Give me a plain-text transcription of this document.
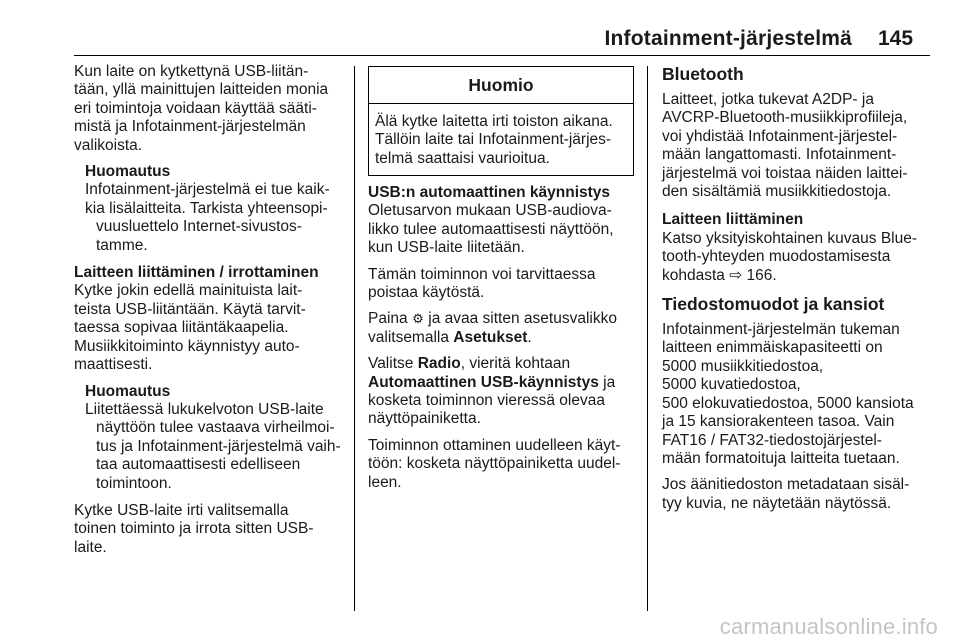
Infotainment-järjestelmä 145

Kun laite on kytkettynä USB-liitän-
tään, yllä mainittujen laitteiden monia
eri toimintoja voidaan käyttää sääti-
mistä ja Infotainment-järjestelmän
valikoista.

Huomautus
Infotainment-järjestelmä ei tue kaik-
kia lisälaitteita. Tarkista yhteensopi-
vuusluettelo Internet-sivustos-
tamme.
Laitteen liittäminen / irrottaminen

Kytke jokin edellä mainituista lait-
teista USB-liitäntään. Käytä tarvit-
taessa sopivaa liitäntäkaapelia.
Musiikkitoiminto käynnistyy auto-
maattisesti.

Huomautus
Liitettäessä lukukelvoton USB-laite
näyttöön tulee vastaava virheilmoi-
tus ja Infotainment-järjestelmä vaih-
taa automaattisesti edelliseen
toimintoon.

Kytke USB-laite irti valitsemalla
toinen toiminto ja irrota sitten USB-
laite.

Huomio
Älä kytke laitetta irti toiston aikana.
Tällöin laite tai Infotainment-järjes-
telmä saattaisi vaurioitua.
USB:n automaattinen käynnistys

Oletusarvon mukaan USB-audiova-
likko tulee automaattisesti näyttöön,
kun USB-laite liitetään.

Tämän toiminnon voi tarvittaessa
poistaa käytöstä.

Paina ⚙ ja avaa sitten asetusvalikko
valitsemalla Asetukset.

Valitse Radio, vieritä kohtaan
Automaattinen USB-käynnistys ja
kosketa toiminnon vieressä olevaa
näyttöpainiketta.

Toiminnon ottaminen uudelleen käyt-
töön: kosketa näyttöpainiketta uudel-
leen.

Bluetooth

Laitteet, jotka tukevat A2DP- ja
AVCRP-Bluetooth-musiikkiprofiileja,
voi yhdistää Infotainment-järjestel-
mään langattomasti. Infotainment-
järjestelmä voi toistaa näiden laittei-
den sisältämiä musiikkitiedostoja.

Laitteen liittäminen

Katso yksityiskohtainen kuvaus Blue-
tooth-yhteyden muodostamisesta
kohdasta ⇨ 166.

Tiedostomuodot ja kansiot

Infotainment-järjestelmän tukeman
laitteen enimmäiskapasiteetti on
5000 musiikkitiedostoa,
5000 kuvatiedostoa,
500 elokuvatiedostoa, 5000 kansiota
ja 15 kansiorakenteen tasoa. Vain
FAT16 / FAT32-tiedostojärjestel-
mään formatoituja laitteita tuetaan.

Jos äänitiedoston metadataan sisäl-
tyy kuvia, ne näytetään näytössä.

carmanualsonline.info
